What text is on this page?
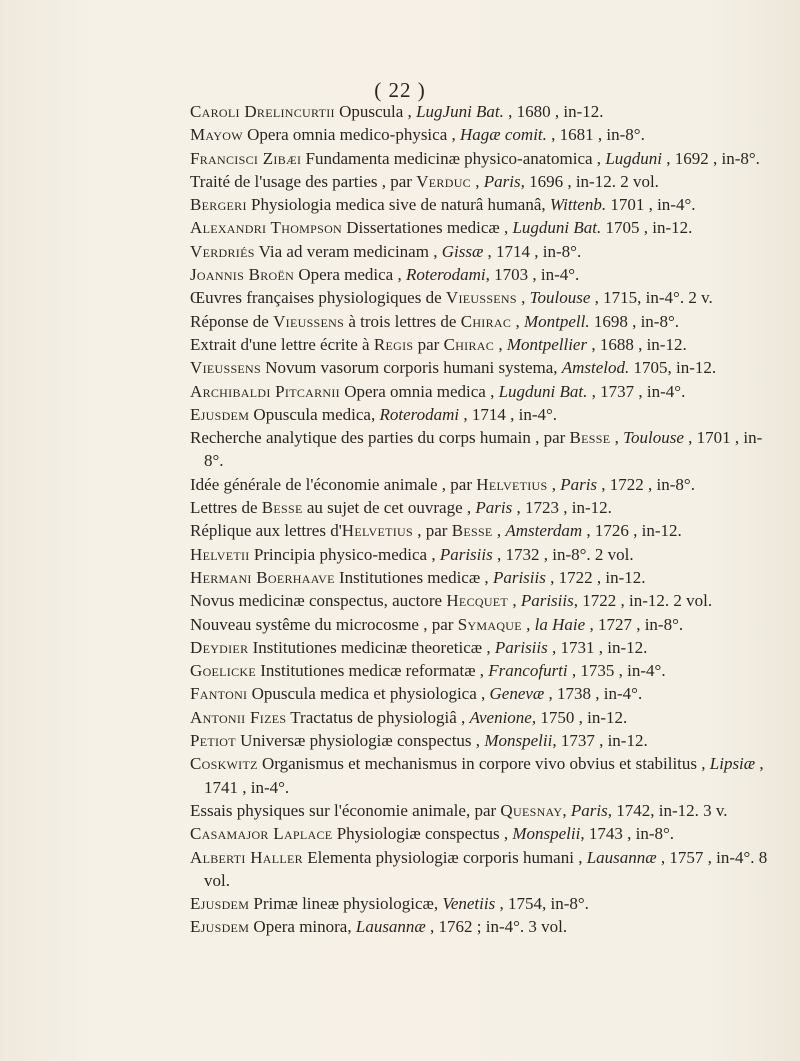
( 22 )
Caroli Drelincurtii Opuscula , LugJuni Bat. , 1680 , in-12.
Mayow Opera omnia medico-physica , Hagæ comit. , 1681 , in-8°.
Francisci Zibæi Fundamenta medicinæ physico-anatomica , Lugduni , 1692 , in-8°.
Traité de l'usage des parties , par Verduc , Paris, 1696 , in-12. 2 vol.
Bergeri Physiologia medica sive de naturâ humanâ, Wittenb. 1701 , in-4°.
Alexandri Thompson Dissertationes medicæ , Lugduni Bat. 1705 , in-12.
Verdriés Via ad veram medicinam , Gissæ , 1714 , in-8°.
Joannis Broën Opera medica , Roterodami, 1703 , in-4°.
Œuvres françaises physiologiques de Vieussens , Toulouse , 1715, in-4°. 2 v.
Réponse de Vieussens à trois lettres de Chirac , Montpell. 1698 , in-8°.
Extrait d'une lettre écrite à Regis par Chirac , Montpellier , 1688 , in-12.
Vieussens Novum vasorum corporis humani systema, Amstelod. 1705, in-12.
Archibaldi Pitcarnii Opera omnia medica , Lugduni Bat. , 1737 , in-4°.
Ejusdem Opuscula medica, Roterodami , 1714 , in-4°.
Recherche analytique des parties du corps humain , par Besse , Toulouse , 1701 , in-8°.
Idée générale de l'économie animale , par Helvetius , Paris , 1722 , in-8°.
Lettres de Besse au sujet de cet ouvrage , Paris , 1723 , in-12.
Réplique aux lettres d'Helvetius , par Besse , Amsterdam , 1726 , in-12.
Helvetii Principia physico-medica , Parisiis , 1732 , in-8°. 2 vol.
Hermani Boerhaave Institutiones medicæ , Parisiis , 1722 , in-12.
Novus medicinæ conspectus, auctore Hecquet , Parisiis, 1722 , in-12. 2 vol.
Nouveau systême du microcosme , par Symaque , la Haie , 1727 , in-8°.
Deydier Institutiones medicinæ theoreticæ , Parisiis , 1731 , in-12.
Goelicke Institutiones medicæ reformatæ , Francofurti , 1735 , in-4°.
Fantoni Opuscula medica et physiologica , Genevæ , 1738 , in-4°.
Antonii Fizes Tractatus de physiologiâ , Avenione, 1750 , in-12.
Petiot Universæ physiologiæ conspectus , Monspelii, 1737 , in-12.
Coskwitz Organismus et mechanismus in corpore vivo obvius et stabilitus , Lipsiæ , 1741 , in-4°.
Essais physiques sur l'économie animale, par Quesnay, Paris, 1742, in-12. 3 v.
Casamajor Laplace Physiologiæ conspectus , Monspelii, 1743 , in-8°.
Alberti Haller Elementa physiologiæ corporis humani , Lausannæ , 1757 , in-4°. 8 vol.
Ejusdem Primæ lineæ physiologicæ, Venetiis , 1754, in-8°.
Ejusdem Opera minora, Lausannæ , 1762 ; in-4°. 3 vol.
